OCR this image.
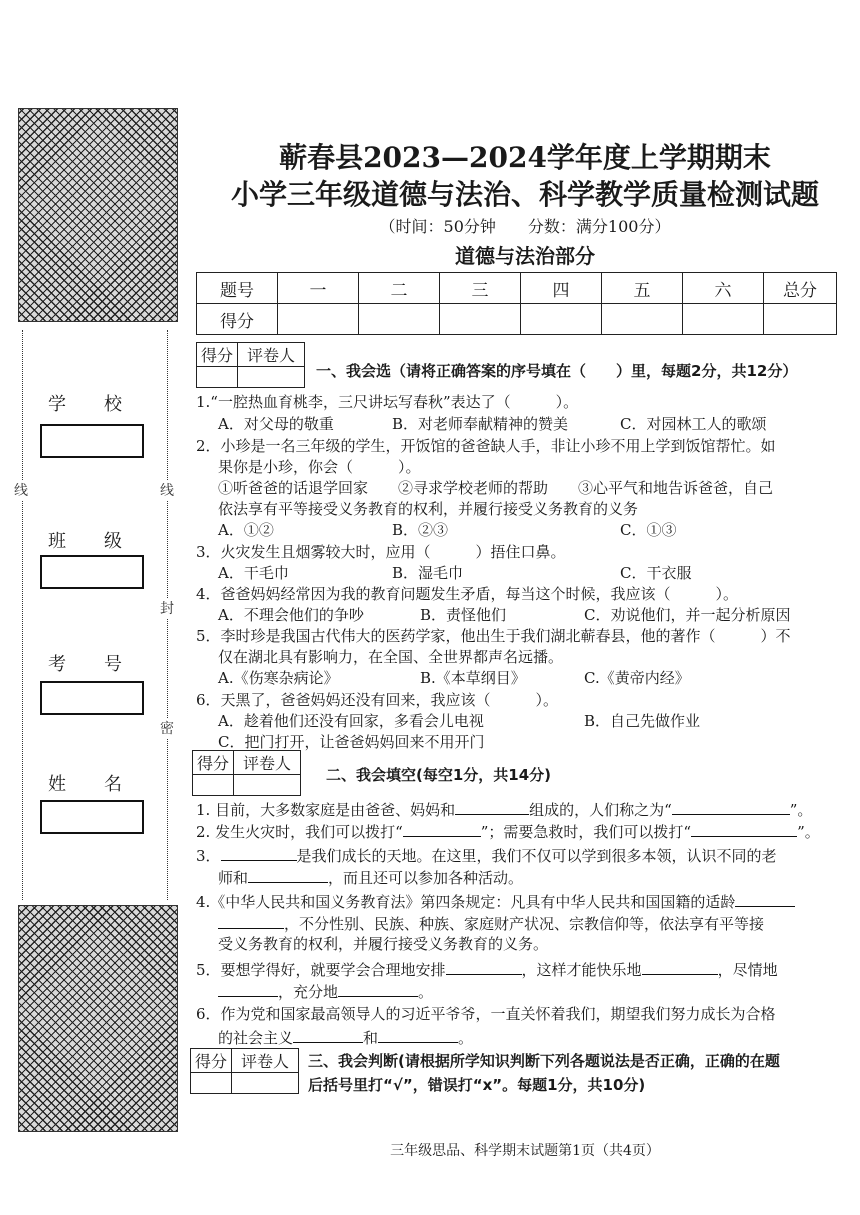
线	线
封
密
学　校
班　级
考　号
姓　名
蕲春县2023—2024学年度上学期期末
小学三年级道德与法治、科学教学质量检测试题
（时间：50分钟　　分数：满分100分）
道德与法治部分
题号	一	二	三	四	五	六	总分
得分							
得分	评卷人

一、我会选（请将正确答案的序号填在（　　）里，每题2分，共12分）
1.“一腔热血育桃李，三尺讲坛写春秋”表达了（　　　）。
A．对父母的敬重	B．对老师奉献精神的赞美	C．对园林工人的歌颂
2．小珍是一名三年级的学生，开饭馆的爸爸缺人手，非让小珍不用上学到饭馆帮忙。如
果你是小珍，你会（　　　）。
①听爸爸的话退学回家　　②寻求学校老师的帮助　　③心平气和地告诉爸爸，自己
依法享有平等接受义务教育的权利，并履行接受义务教育的义务
A．①②	B．②③	C．①③
3．火灾发生且烟雾较大时，应用（　　　）捂住口鼻。
A．干毛巾	B．湿毛巾	C．干衣服
4．爸爸妈妈经常因为我的教育问题发生矛盾，每当这个时候，我应该（　　　）。
A．不理会他们的争吵	B．责怪他们	C．劝说他们，并一起分析原因
5．李时珍是我国古代伟大的医药学家，他出生于我们湖北蕲春县，他的著作（　　　）不
仅在湖北具有影响力，在全国、全世界都声名远播。
A.《伤寒杂病论》	B.《本草纲目》	C.《黄帝内经》
6．天黑了，爸爸妈妈还没有回来，我应该（　　　）。
A．趁着他们还没有回家，多看会儿电视	B．自己先做作业
C．把门打开，让爸爸妈妈回来不用开门
得分	评卷人

二、我会填空(每空1分，共14分)
1. 目前，大多数家庭是由爸爸、妈妈和	组成的，人们称之为“	”。
2. 发生火灾时，我们可以拨打“	”；需要急救时，我们可以拨打“	”。
3．	是我们成长的天地。在这里，我们不仅可以学到很多本领，认识不同的老
师和	，而且还可以参加各种活动。
4.《中华人民共和国义务教育法》第四条规定：凡具有中华人民共和国国籍的适龄
，不分性别、民族、种族、家庭财产状况、宗教信仰等，依法享有平等接
受义务教育的权利，并履行接受义务教育的义务。
5．要想学得好，就要学会合理地安排	，这样才能快乐地	，尽情地
，充分地	。
6．作为党和国家最高领导人的习近平爷爷，一直关怀着我们，期望我们努力成长为合格
的社会主义	和	。
得分	评卷人
	三、我会判断(请根据所学知识判断下列各题说法是否正确，正确的在题
后括号里打“√”，错误打“x”。每题1分，共10分)
三年级思品、科学期末试题第1页（共4页）
